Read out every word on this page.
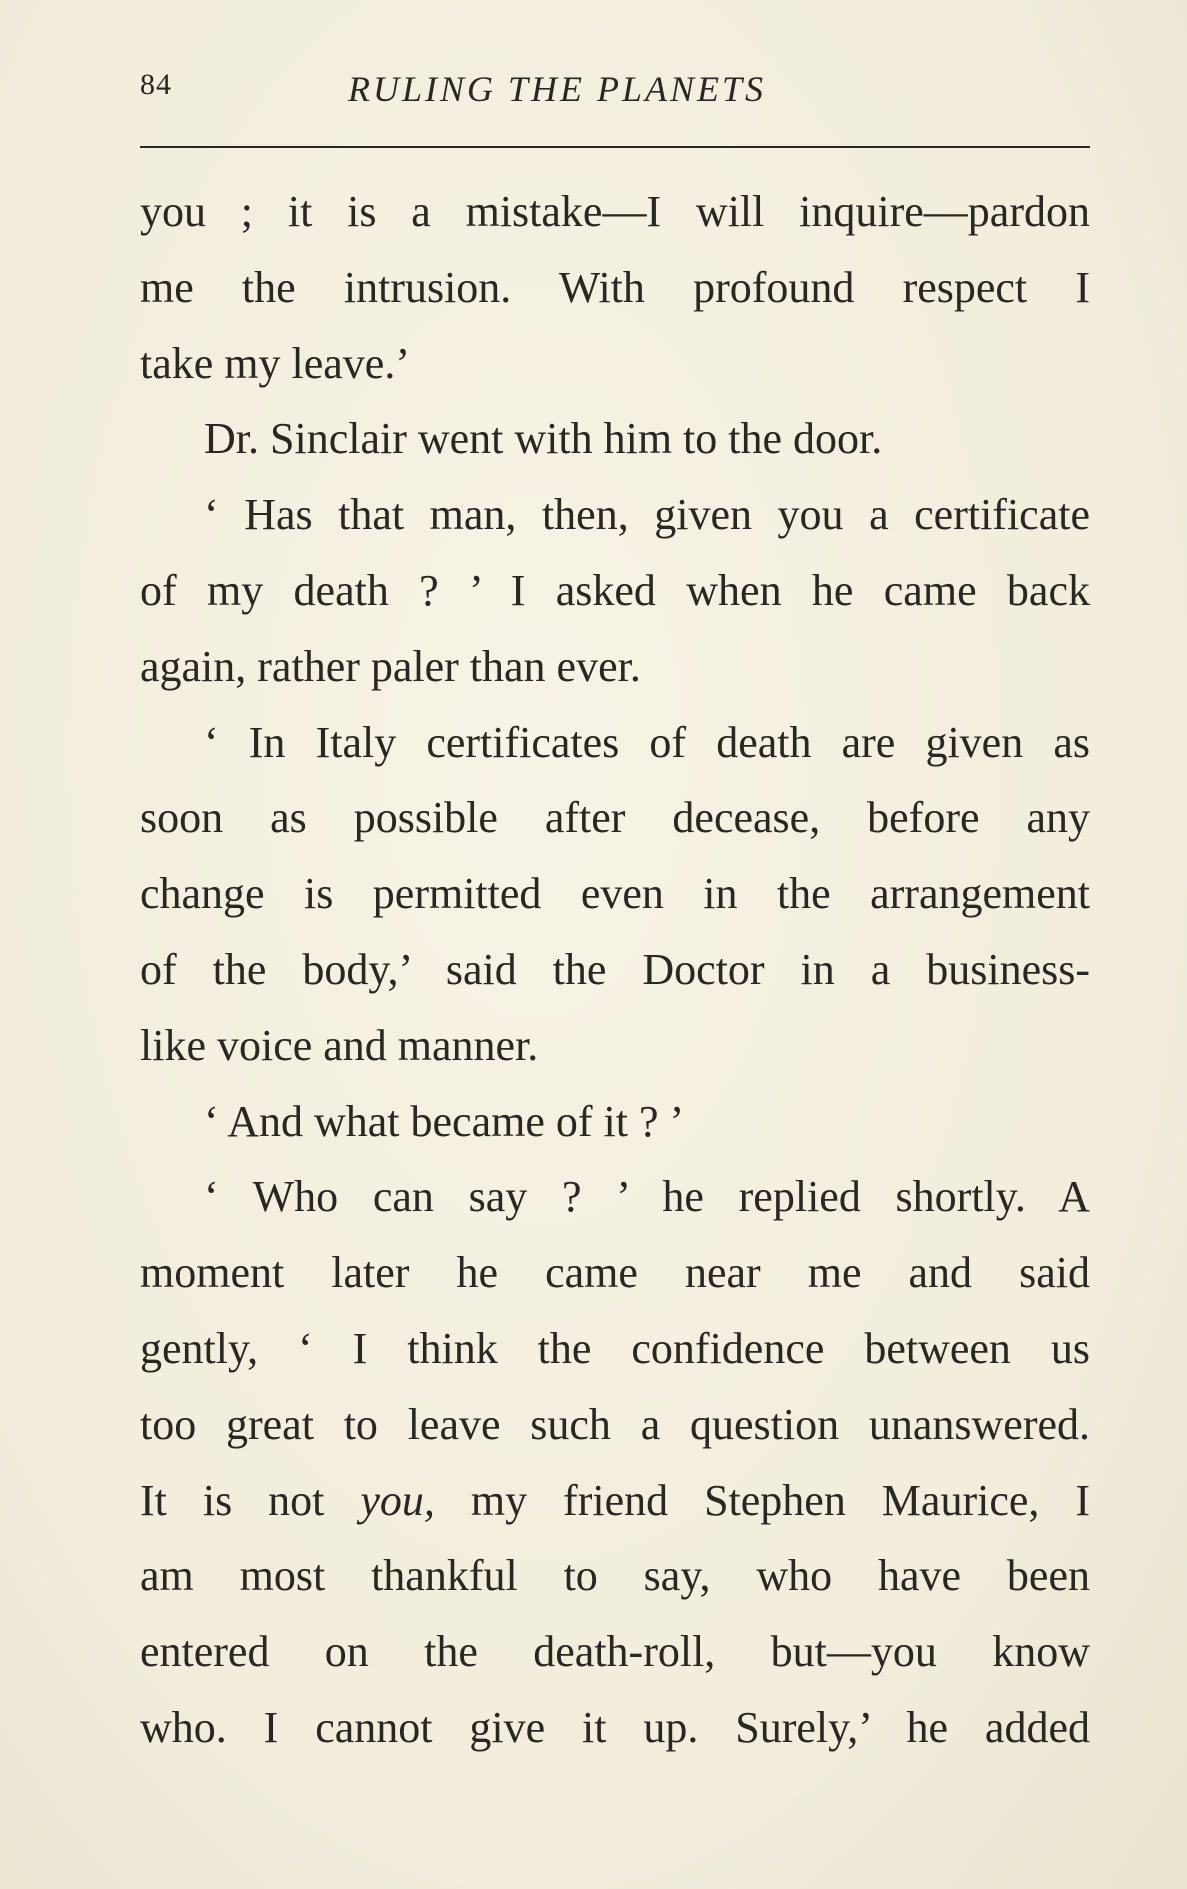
84	RULING THE PLANETS
you ; it is a mistake—I will inquire—pardon
me the intrusion. With profound respect I
take my leave.’
Dr. Sinclair went with him to the door.
‘ Has that man, then, given you a certificate
of my death ? ’ I asked when he came back
again, rather paler than ever.
‘ In Italy certificates of death are given as
soon as possible after decease, before any
change is permitted even in the arrangement
of the body,’ said the Doctor in a business-
like voice and manner.
‘ And what became of it ? ’
‘ Who can say ? ’ he replied shortly. A
moment later he came near me and said
gently, ‘ I think the confidence between us
too great to leave such a question unanswered.
It is not you, my friend Stephen Maurice, I
am most thankful to say, who have been
entered on the death-roll, but—you know
who. I cannot give it up. Surely,’ he added
